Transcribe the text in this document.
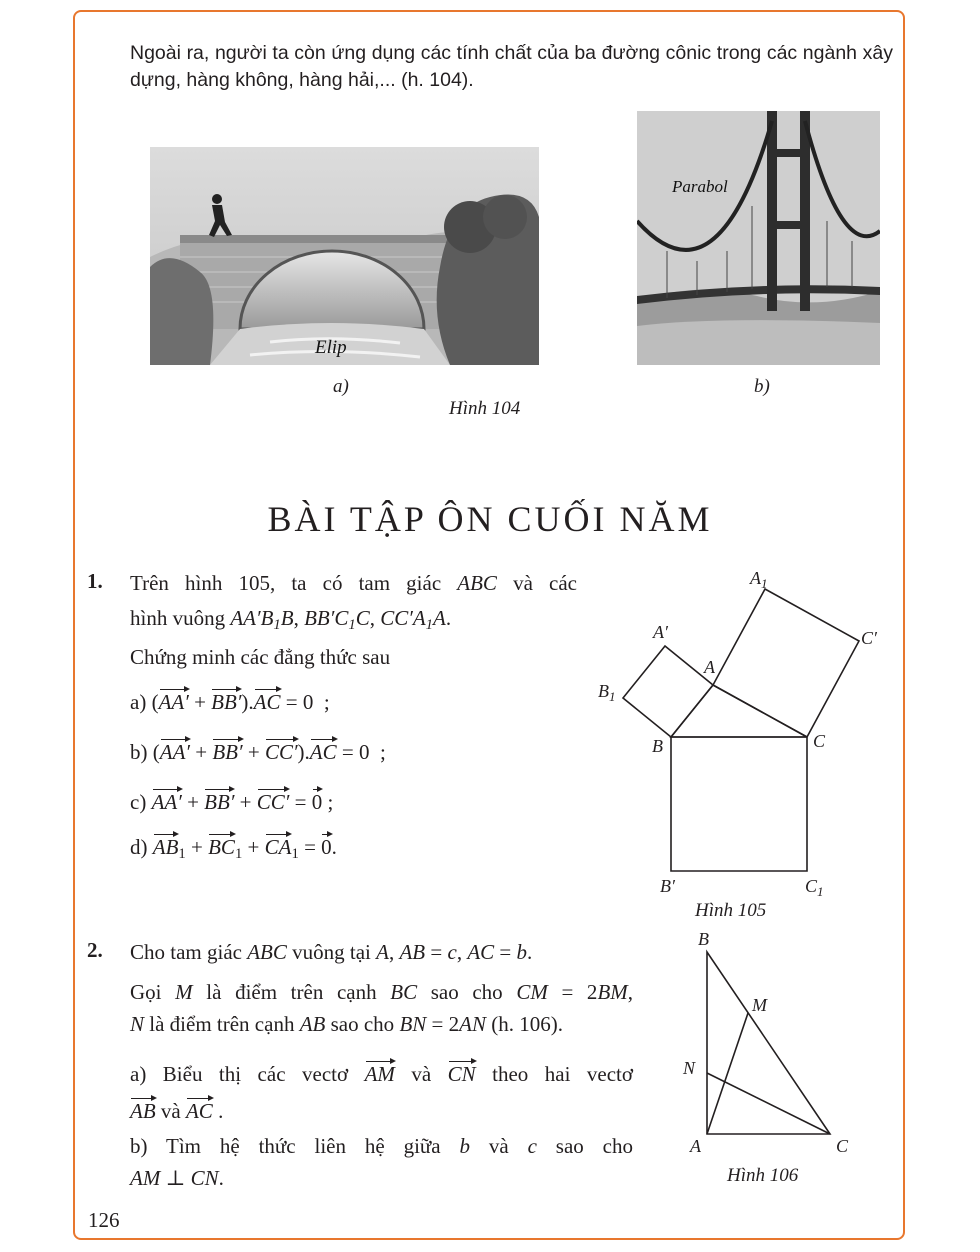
Ngoài ra, người ta còn ứng dụng các tính chất của ba đường cônic trong các ngành xây dựng, hàng không, hàng hải,... (h. 104).

Elip
Parabol
a)	b)
Hình 104
BÀI TẬP ÔN CUỐI NĂM
1. Trên hình 105, ta có tam giác ABC và các
hình vuông $AA'B_1B$, $BB'C_1C$, $CC'A_1A$.
Chứng minh các đẳng thức sau
a) (AA′ + BB′).AC = 0  ;
b) (AA′ + BB′ + CC′).AC = 0  ;
c) AA′ + BB′ + CC′ = 0 ;
d) $AB_1 + BC_1 + CA_1 = 0$.
$A_1$
C′
A′
A
$B_1$
B	C
B′	$C_1$
Hình 105
2. Cho tam giác ABC vuông tại A, AB = c, AC = b.
Gọi M là điểm trên cạnh BC sao cho CM = 2BM,
N là điểm trên cạnh AB sao cho BN = 2AN (h. 106).
a) Biểu thị các vectơ AM và CN theo hai vectơ
AB và AC .
b) Tìm hệ thức liên hệ giữa b và c sao cho
AM ⊥ CN.
B
M
N
A	C
Hình 106
126
